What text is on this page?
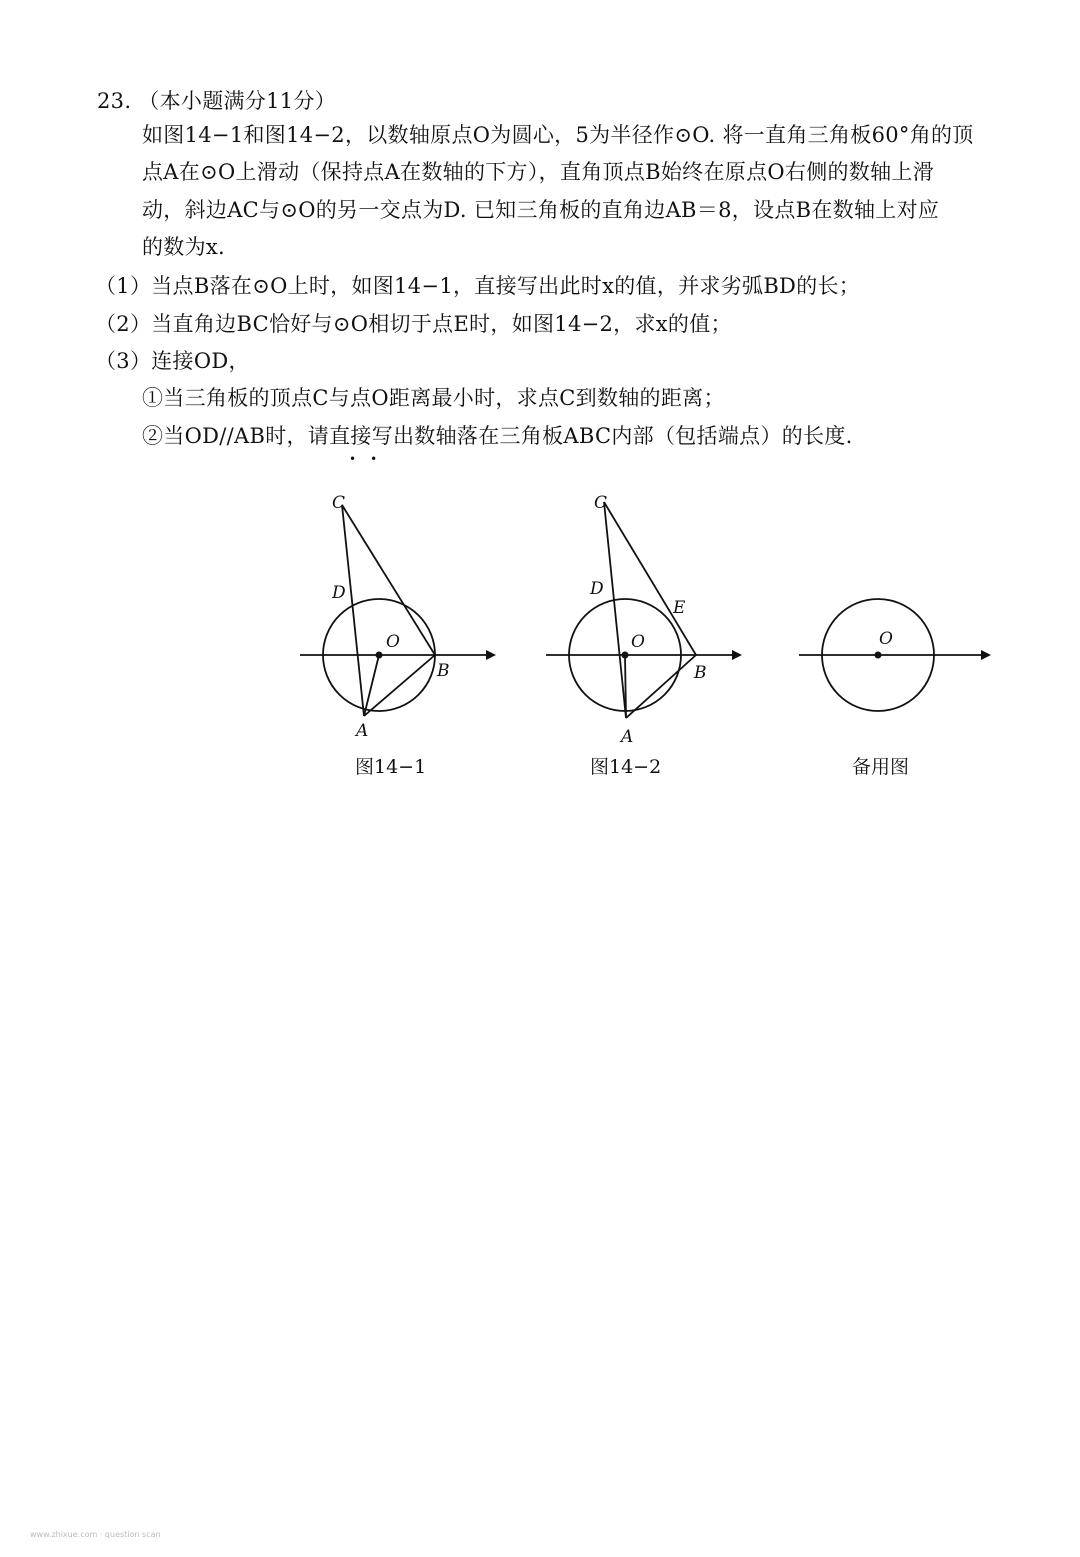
23. （本小题满分11分）
如图14−1和图14−2，以数轴原点O为圆心，5为半径作⊙O. 将一直角三角板60°角的顶
点A在⊙O上滑动（保持点A在数轴的下方），直角顶点B始终在原点O右侧的数轴上滑
动，斜边AC与⊙O的另一交点为D. 已知三角板的直角边AB＝8，设点B在数轴上对应
的数为x.
（1）当点B落在⊙O上时，如图14−1，直接写出此时x的值，并求劣弧BD的长；
（2）当直角边BC恰好与⊙O相切于点E时，如图14−2，求x的值；
（3）连接OD，
①当三角板的顶点C与点O距离最小时，求点C到数轴的距离；
②当OD//AB时，请直接写出数轴落在三角板ABC内部（包括端点）的长度.
••
C
D
O
B
A
图14−1
C
D
E
O
B
A
图14−2
O
备用图
www.zhixue.com · question scan
